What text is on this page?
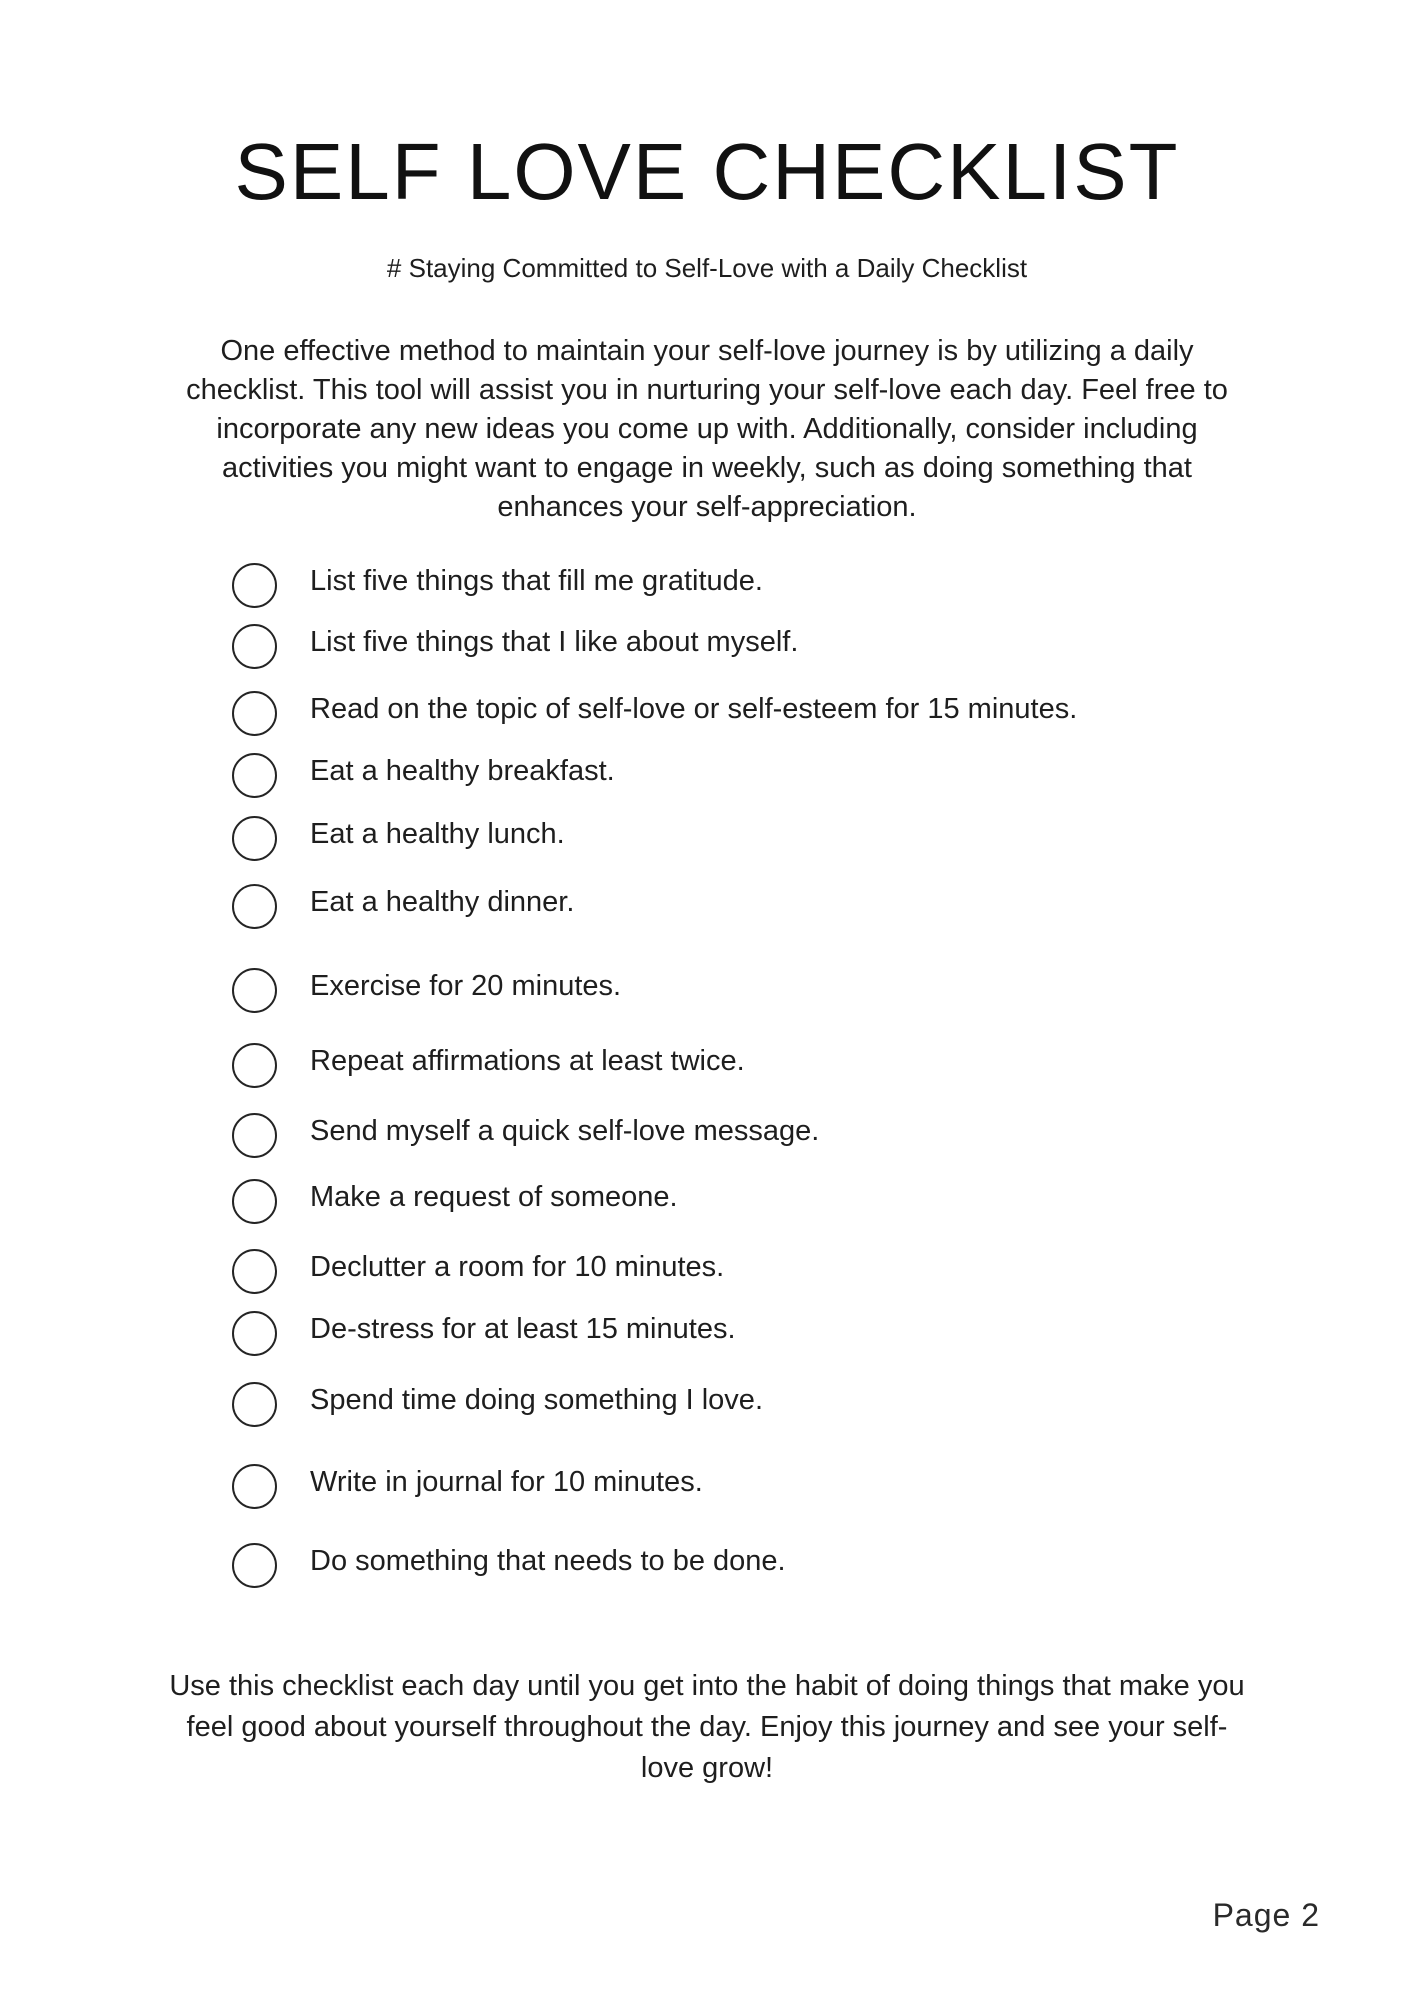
SELF LOVE CHECKLIST
# Staying Committed to Self-Love with a Daily Checklist
One effective method to maintain your self-love journey is by utilizing a daily
checklist. This tool will assist you in nurturing your self-love each day. Feel free to
incorporate any new ideas you come up with. Additionally, consider including
activities you might want to engage in weekly, such as doing something that
enhances your self-appreciation.
List five things that fill me gratitude.
List five things that I like about myself.
Read on the topic of self-love or self-esteem for 15 minutes.
Eat a healthy breakfast.
Eat a healthy lunch.
Eat a healthy dinner.
Exercise for 20 minutes.
Repeat affirmations at least twice.
Send myself a quick self-love message.
Make a request of someone.
Declutter a room for 10 minutes.
De-stress for at least 15 minutes.
Spend time doing something I love.
Write in journal for 10 minutes.
Do something that needs to be done.
Use this checklist each day until you get into the habit of doing things that make you
feel good about yourself throughout the day. Enjoy this journey and see your self-
love grow!
Page 2
